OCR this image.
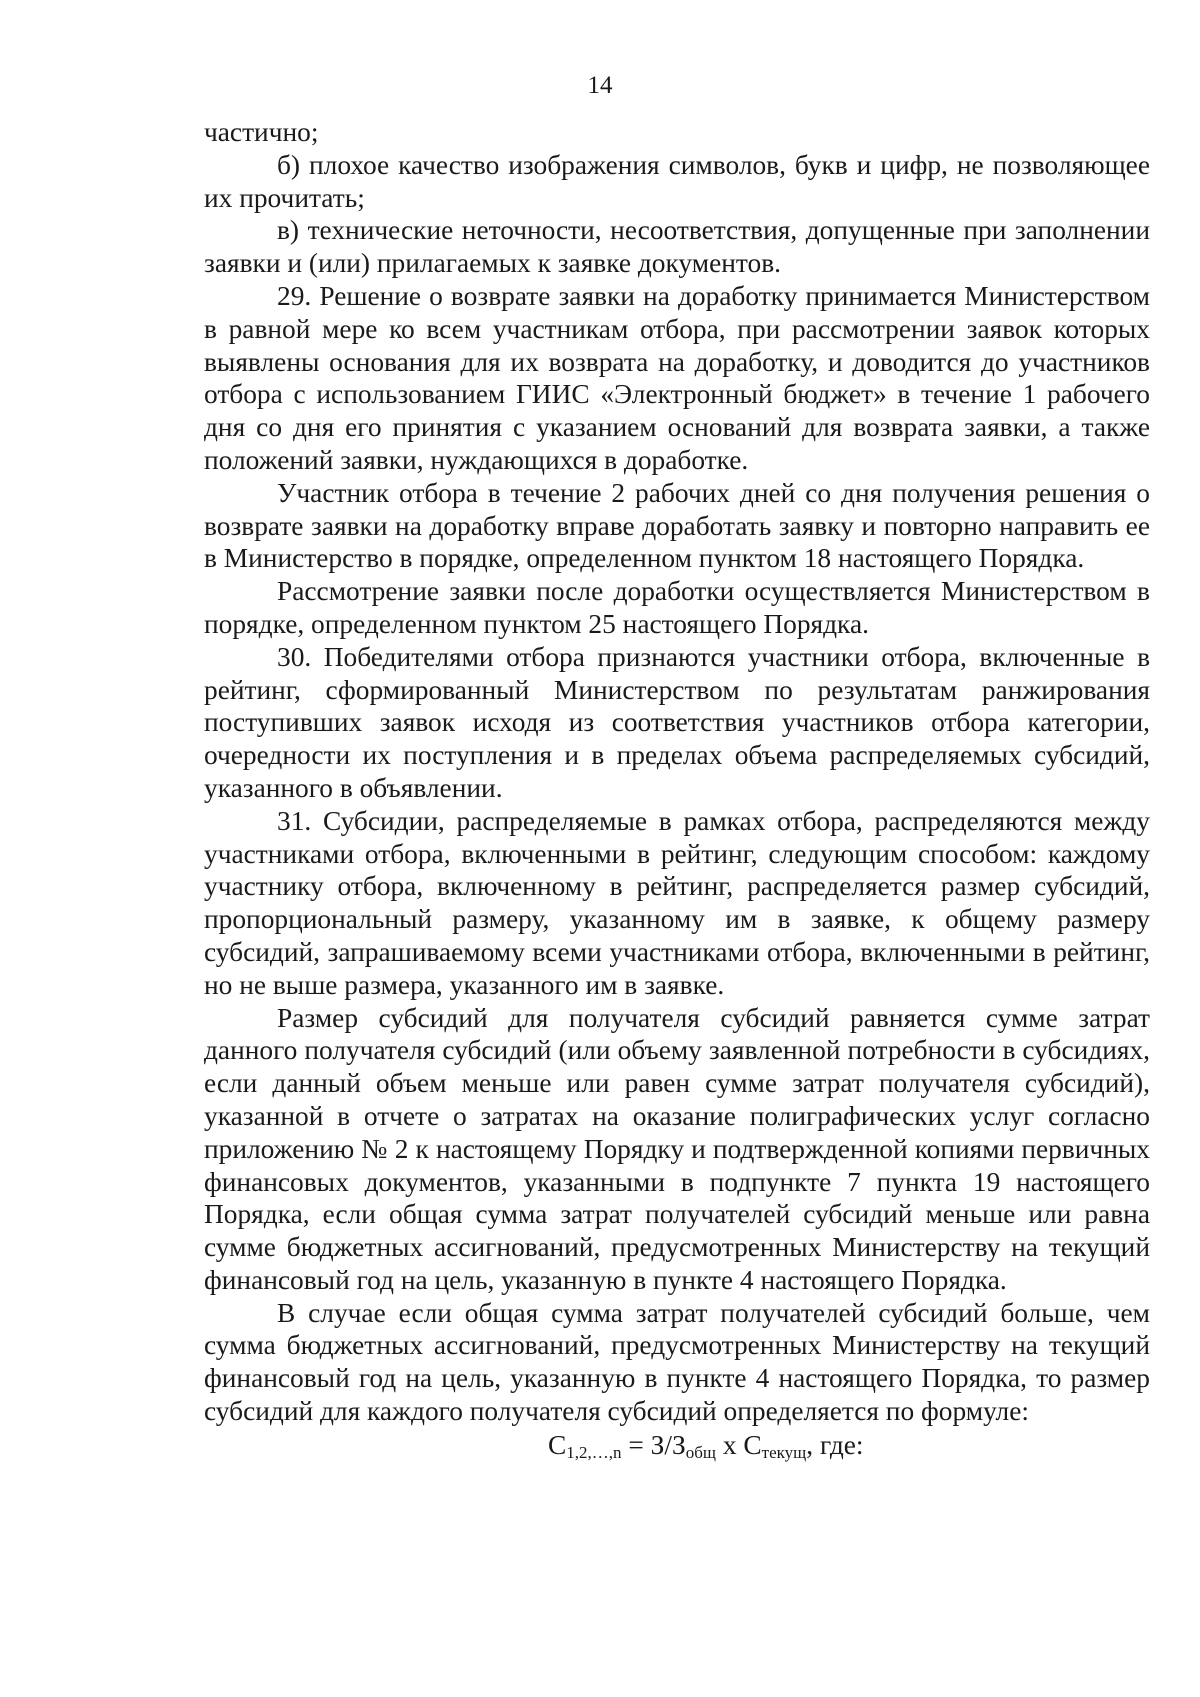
14

частично;

б) плохое качество изображения символов, букв и цифр, не позволяющее их прочитать;

в) технические неточности, несоответствия, допущенные при заполнении заявки и (или) прилагаемых к заявке документов.

29. Решение о возврате заявки на доработку принимается Министерством в равной мере ко всем участникам отбора, при рассмотрении заявок которых выявлены основания для их возврата на доработку, и доводится до участников отбора с использованием ГИИС «Электронный бюджет» в течение 1 рабочего дня со дня его принятия с указанием оснований для возврата заявки, а также положений заявки, нуждающихся в доработке.

Участник отбора в течение 2 рабочих дней со дня получения решения о возврате заявки на доработку вправе доработать заявку и повторно направить ее в Министерство в порядке, определенном пунктом 18 настоящего Порядка.

Рассмотрение заявки после доработки осуществляется Министерством в порядке, определенном пунктом 25 настоящего Порядка.

30. Победителями отбора признаются участники отбора, включенные в рейтинг, сформированный Министерством по результатам ранжирования поступивших заявок исходя из соответствия участников отбора категории, очередности их поступления и в пределах объема распределяемых субсидий, указанного в объявлении.

31. Субсидии, распределяемые в рамках отбора, распределяются между участниками отбора, включенными в рейтинг, следующим способом: каждому участнику отбора, включенному в рейтинг, распределяется размер субсидий, пропорциональный размеру, указанному им в заявке, к общему размеру субсидий, запрашиваемому всеми участниками отбора, включенными в рейтинг, но не выше размера, указанного им в заявке.

Размер субсидий для получателя субсидий равняется сумме затрат данного получателя субсидий (или объему заявленной потребности в субсидиях, если данный объем меньше или равен сумме затрат получателя субсидий), указанной в отчете о затратах на оказание полиграфических услуг согласно приложению № 2 к настоящему Порядку и подтвержденной копиями первичных финансовых документов, указанными в подпункте 7 пункта 19 настоящего Порядка, если общая сумма затрат получателей субсидий меньше или равна сумме бюджетных ассигнований, предусмотренных Министерству на текущий финансовый год на цель, указанную в пункте 4 настоящего Порядка.

В случае если общая сумма затрат получателей субсидий больше, чем сумма бюджетных ассигнований, предусмотренных Министерству на текущий финансовый год на цель, указанную в пункте 4 настоящего Порядка, то размер субсидий для каждого получателя субсидий определяется по формуле:

$С_{1,2,\dots,n} = З/З_{общ}$ х $С_{текущ}$, где:
